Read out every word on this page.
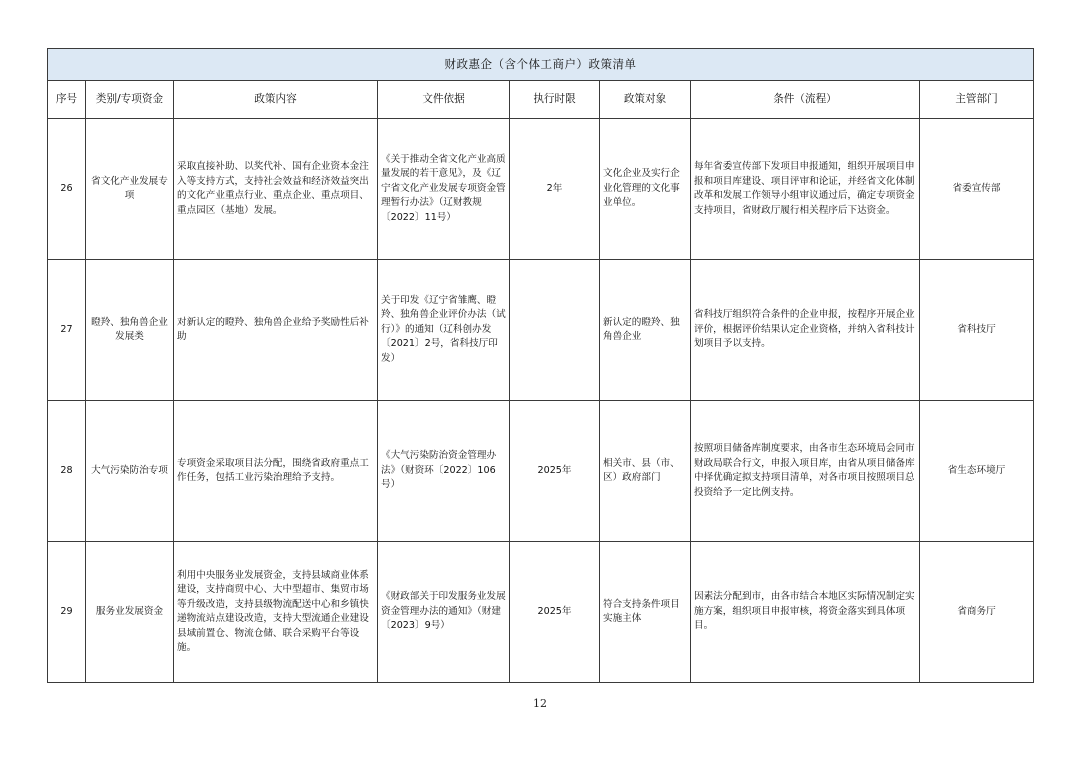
财政惠企（含个体工商户）政策清单							
序号	类别/专项资金	政策内容	文件依据	执行时限	政策对象	条件（流程）	主管部门
26	省文化产业发展专项	采取直接补助、以奖代补、国有企业资本金注入等支持方式，支持社会效益和经济效益突出的文化产业重点行业、重点企业、重点项目、重点园区（基地）发展。	《关于推动全省文化产业高质量发展的若干意见》，及《辽宁省文化产业发展专项资金管理暂行办法》（辽财教规〔2022〕11号）	2年	文化企业及实行企业化管理的文化事业单位。	每年省委宣传部下发项目申报通知，组织开展项目申报和项目库建设、项目评审和论证，并经省文化体制改革和发展工作领导小组审议通过后，确定专项资金支持项目，省财政厅履行相关程序后下达资金。	省委宣传部
27	瞪羚、独角兽企业发展类	对新认定的瞪羚、独角兽企业给予奖励性后补助	关于印发《辽宁省雏鹰、瞪羚、独角兽企业评价办法（试行）》的通知（辽科创办发〔2021〕2号，省科技厅印发）		新认定的瞪羚、独角兽企业	省科技厅组织符合条件的企业申报，按程序开展企业评价，根据评价结果认定企业资格，并纳入省科技计划项目予以支持。	省科技厅
28	大气污染防治专项	专项资金采取项目法分配，围绕省政府重点工作任务，包括工业污染治理给予支持。	《大气污染防治资金管理办法》（财资环〔2022〕106号）	2025年	相关市、县（市、区）政府部门	按照项目储备库制度要求，由各市生态环境局会同市财政局联合行文，申报入项目库，由省从项目储备库中择优确定拟支持项目清单，对各市项目按照项目总投资给予一定比例支持。	省生态环境厅
29	服务业发展资金	利用中央服务业发展资金，支持县域商业体系建设，支持商贸中心、大中型超市、集贸市场等升级改造，支持县级物流配送中心和乡镇快递物流站点建设改造，支持大型流通企业建设县域前置仓、物流仓储、联合采购平台等设施。	《财政部关于印发服务业发展资金管理办法的通知》（财建〔2023〕9号）	2025年	符合支持条件项目实施主体	因素法分配到市，由各市结合本地区实际情况制定实施方案，组织项目申报审核，将资金落实到具体项目。	省商务厅
12
